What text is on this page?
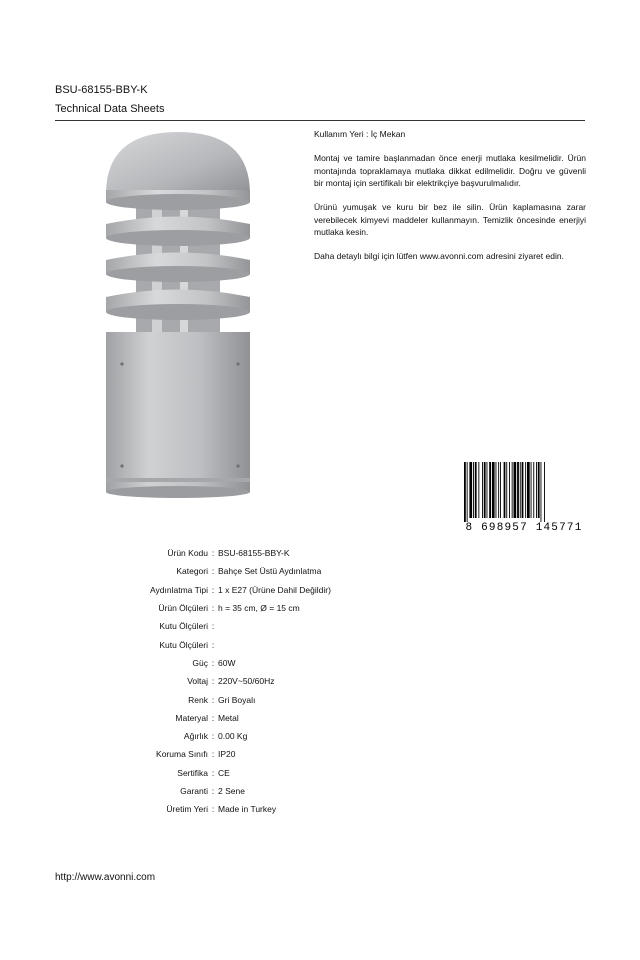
BSU-68155-BBY-K
Technical Data Sheets

Kullanım Yeri : İç Mekan

Montaj ve tamire başlanmadan önce enerji mutlaka kesilmelidir. Ürün montajında topraklamaya mutlaka dikkat edilmelidir. Doğru ve güvenli bir montaj için sertifikalı bir elektrikçiye başvurulmalıdır.

Ürünü yumuşak ve kuru bir bez ile silin. Ürün kaplamasına zarar verebilecek kimyevi maddeler kullanmayın. Temizlik öncesinde enerjiyi mutlaka kesin.

Daha detaylı bilgi için lütfen www.avonni.com adresini ziyaret edin.

8 698957 145771
Ürün Kodu : BSU-68155-BBY-K
Kategori : Bahçe Set Üstü Aydınlatma
Aydınlatma Tipi : 1 x E27 (Ürüne Dahil Değildir)
Ürün Ölçüleri : h = 35 cm, Ø = 15 cm
Kutu Ölçüleri :
Kutu Ölçüleri :
Güç : 60W
Voltaj : 220V~50/60Hz
Renk : Gri Boyalı
Materyal : Metal
Ağırlık : 0.00 Kg
Koruma Sınıfı : IP20
Sertifika : CE
Garanti : 2 Sene
Üretim Yeri : Made in Turkey
http://www.avonni.com
